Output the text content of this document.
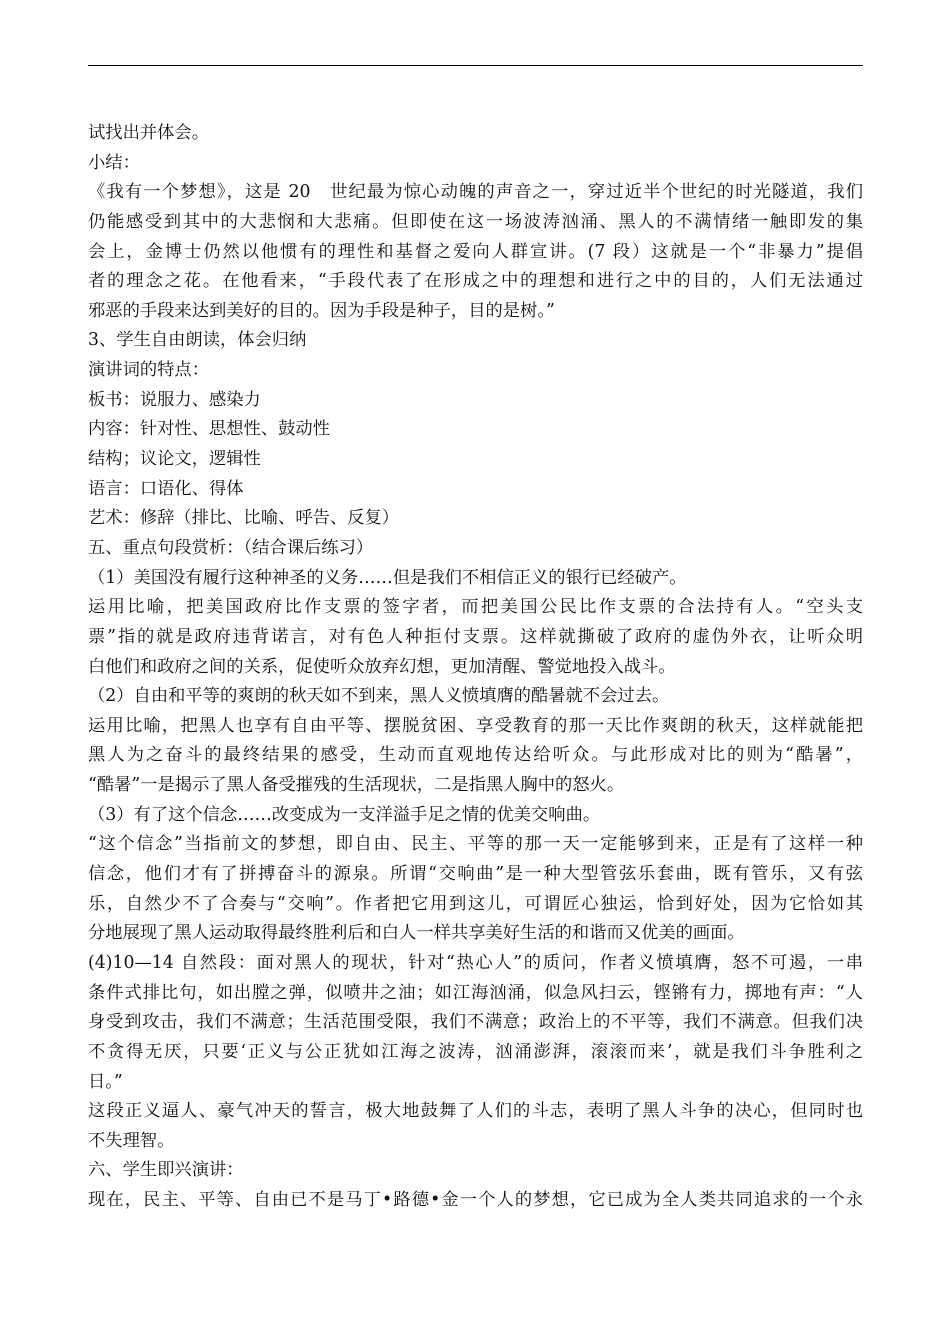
试找出并体会。
小结：
《我有一个梦想》，这是 20　世纪最为惊心动魄的声音之一，穿过近半个世纪的时光隧道，我们
仍能感受到其中的大悲悯和大悲痛。但即使在这一场波涛汹涌、黑人的不满情绪一触即发的集
会上，金博士仍然以他惯有的理性和基督之爱向人群宣讲。(7 段）这就是一个“非暴力”提倡
者的理念之花。在他看来，“手段代表了在形成之中的理想和进行之中的目的，人们无法通过
邪恶的手段来达到美好的目的。因为手段是种子，目的是树。”
3、学生自由朗读，体会归纳
演讲词的特点：
板书：说服力、感染力
内容：针对性、思想性、鼓动性
结构；议论文，逻辑性
语言：口语化、得体
艺术：修辞（排比、比喻、呼告、反复）
五、重点句段赏析：（结合课后练习）
（1）美国没有履行这种神圣的义务……但是我们不相信正义的银行已经破产。
运用比喻，把美国政府比作支票的签字者，而把美国公民比作支票的合法持有人。“空头支
票”指的就是政府违背诺言，对有色人种拒付支票。这样就撕破了政府的虚伪外衣，让听众明
白他们和政府之间的关系，促使听众放弃幻想，更加清醒、警觉地投入战斗。
（2）自由和平等的爽朗的秋天如不到来，黑人义愤填膺的酷暑就不会过去。
运用比喻，把黑人也享有自由平等、摆脱贫困、享受教育的那一天比作爽朗的秋天，这样就能把
黑人为之奋斗的最终结果的感受，生动而直观地传达给听众。与此形成对比的则为“酷暑”，
“酷暑”一是揭示了黑人备受摧残的生活现状，二是指黑人胸中的怒火。
（3）有了这个信念……改变成为一支洋溢手足之情的优美交响曲。
“这个信念”当指前文的梦想，即自由、民主、平等的那一天一定能够到来，正是有了这样一种
信念，他们才有了拼搏奋斗的源泉。所谓“交响曲”是一种大型管弦乐套曲，既有管乐，又有弦
乐，自然少不了合奏与“交响”。作者把它用到这儿，可谓匠心独运，恰到好处，因为它恰如其
分地展现了黑人运动取得最终胜利后和白人一样共享美好生活的和谐而又优美的画面。
(4)10—14 自然段：面对黑人的现状，针对“热心人”的质问，作者义愤填膺，怒不可遏，一串
条件式排比句，如出膛之弹，似喷井之油；如江海汹涌，似急风扫云，铿锵有力，掷地有声：“人
身受到攻击，我们不满意；生活范围受限，我们不满意；政治上的不平等，我们不满意。但我们决
不贪得无厌，只要‘正义与公正犹如江海之波涛，汹涌澎湃，滚滚而来’，就是我们斗争胜利之
日。”
这段正义逼人、豪气冲天的誓言，极大地鼓舞了人们的斗志，表明了黑人斗争的决心，但同时也
不失理智。
六、学生即兴演讲：
现在，民主、平等、自由已不是马丁•路德•金一个人的梦想，它已成为全人类共同追求的一个永
